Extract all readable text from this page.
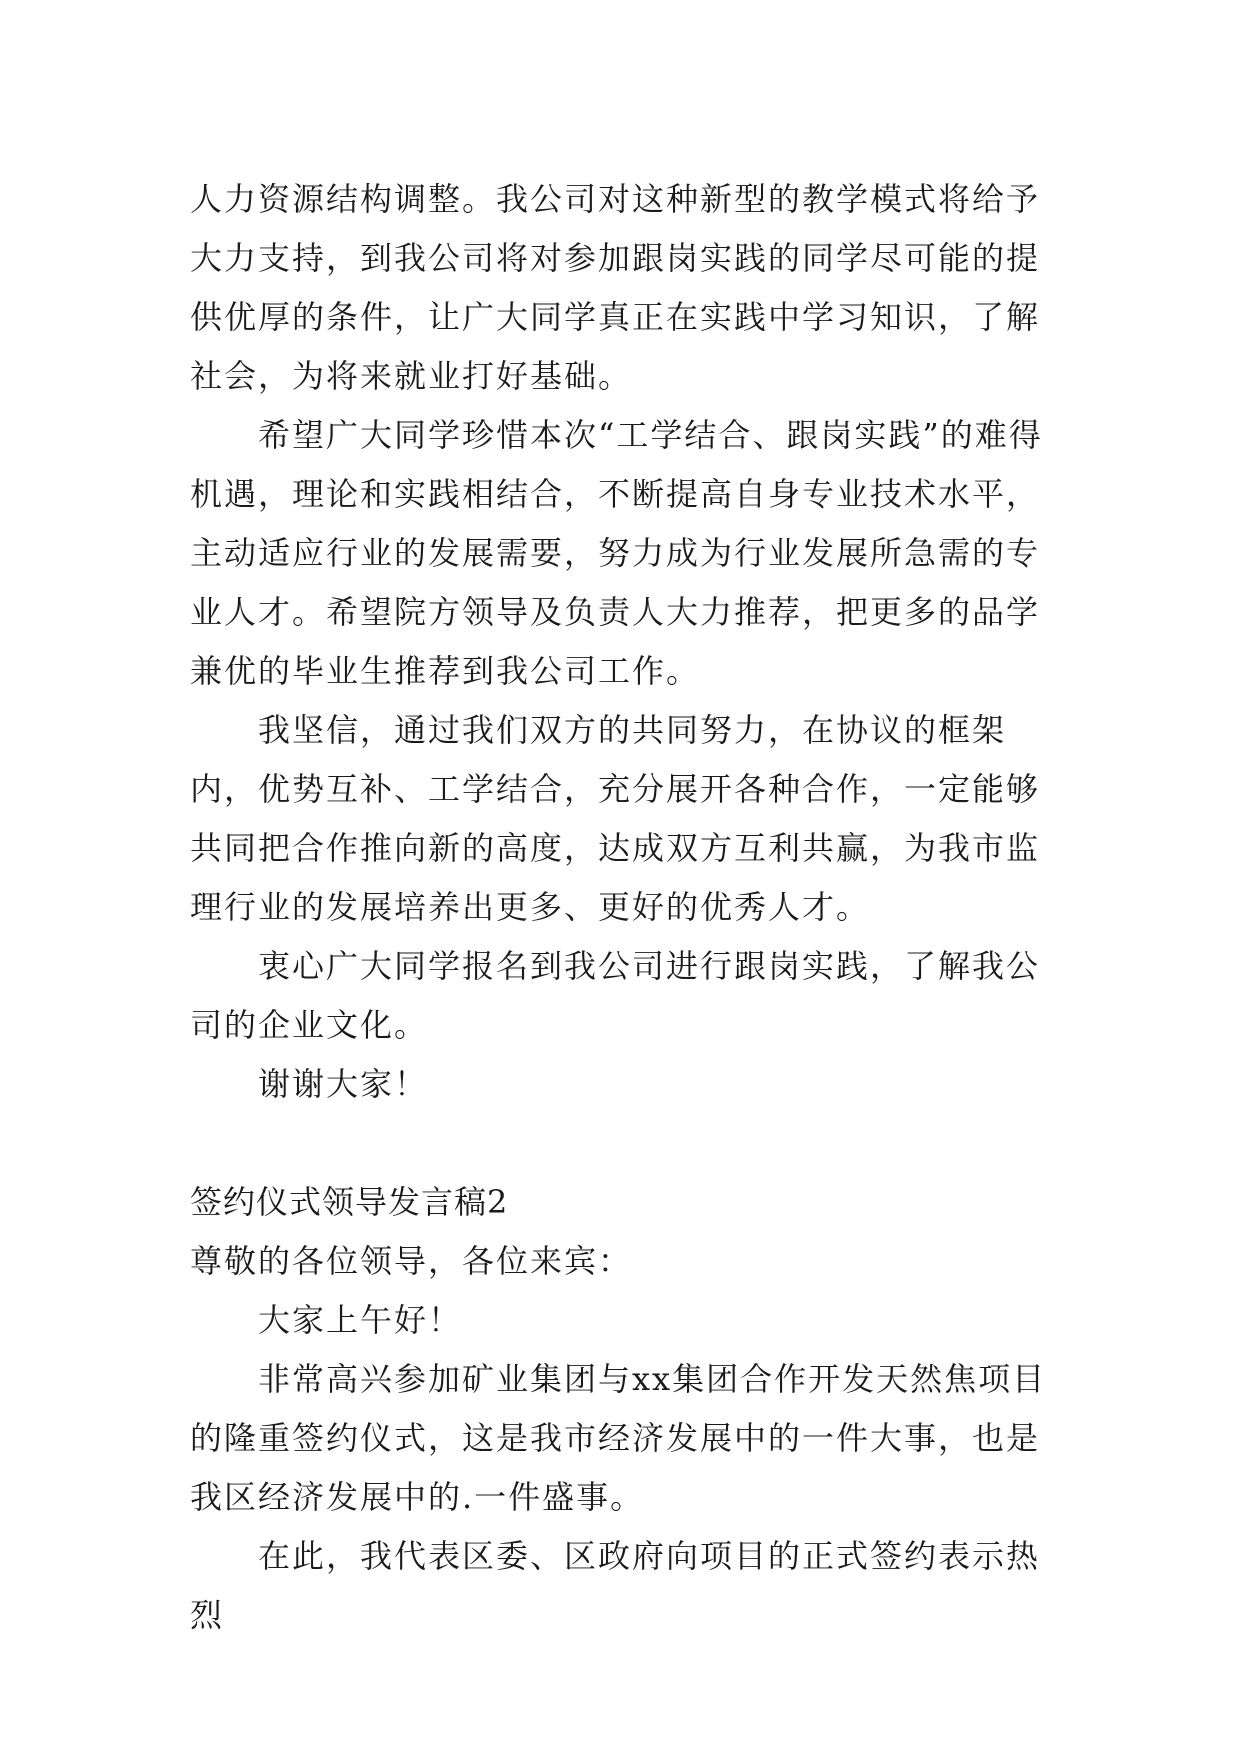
人力资源结构调整。我公司对这种新型的教学模式将给予大力支持，到我公司将对参加跟岗实践的同学尽可能的提供优厚的条件，让广大同学真正在实践中学习知识，了解社会，为将来就业打好基础。

希望广大同学珍惜本次“工学结合、跟岗实践”的难得机遇，理论和实践相结合，不断提高自身专业技术水平，主动适应行业的发展需要，努力成为行业发展所急需的专业人才。希望院方领导及负责人大力推荐，把更多的品学兼优的毕业生推荐到我公司工作。

我坚信，通过我们双方的共同努力，在协议的框架内，优势互补、工学结合，充分展开各种合作，一定能够共同把合作推向新的高度，达成双方互利共赢，为我市监理行业的发展培养出更多、更好的优秀人才。

衷心广大同学报名到我公司进行跟岗实践，了解我公司的企业文化。

谢谢大家！

签约仪式领导发言稿2

尊敬的各位领导，各位来宾：

大家上午好！

非常高兴参加矿业集团与xx集团合作开发天然焦项目的隆重签约仪式，这是我市经济发展中的一件大事，也是我区经济发展中的.一件盛事。

在此，我代表区委、区政府向项目的正式签约表示热烈
